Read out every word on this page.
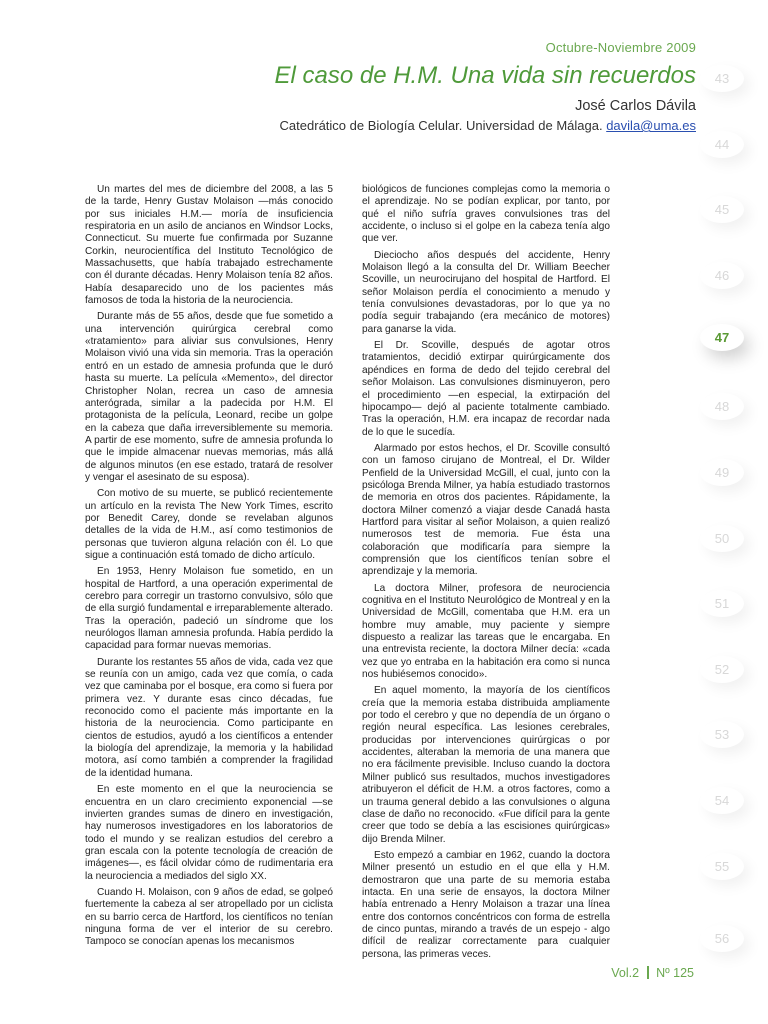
Octubre-Noviembre 2009
El caso de H.M. Una vida sin recuerdos
José Carlos Dávila
Catedrático de Biología Celular. Universidad de Málaga. davila@uma.es

Un martes del mes de diciembre del 2008, a las 5 de la tarde, Henry Gustav Molaison —más conocido por sus iniciales H.M.— moría de insuficiencia respiratoria en un asilo de ancianos en Windsor Locks, Connecticut. Su muerte fue confirmada por Suzanne Corkin, neurocientífica del Instituto Tecnológico de Massachusetts, que había trabajado estrechamente con él durante décadas. Henry Molaison tenía 82 años. Había desaparecido uno de los pacientes más famosos de toda la historia de la neurociencia.

Durante más de 55 años, desde que fue sometido a una intervención quirúrgica cerebral como «tratamiento» para aliviar sus convulsiones, Henry Molaison vivió una vida sin memoria. Tras la operación entró en un estado de amnesia profunda que le duró hasta su muerte. La película «Memento», del director Christopher Nolan, recrea un caso de amnesia anterógrada, similar a la padecida por H.M. El protagonista de la película, Leonard, recibe un golpe en la cabeza que daña irreversiblemente su memoria. A partir de ese momento, sufre de amnesia profunda lo que le impide almacenar nuevas memorias, más allá de algunos minutos (en ese estado, tratará de resolver y vengar el asesinato de su esposa).

Con motivo de su muerte, se publicó recientemente un artículo en la revista The New York Times, escrito por Benedit Carey, donde se revelaban algunos detalles de la vida de H.M., así como testimonios de personas que tuvieron alguna relación con él. Lo que sigue a continuación está tomado de dicho artículo.

En 1953, Henry Molaison fue sometido, en un hospital de Hartford, a una operación experimental de cerebro para corregir un trastorno convulsivo, sólo que de ella surgió fundamental e irreparablemente alterado. Tras la operación, padeció un síndrome que los neurólogos llaman amnesia profunda. Había perdido la capacidad para formar nuevas memorias.

Durante los restantes 55 años de vida, cada vez que se reunía con un amigo, cada vez que comía, o cada vez que caminaba por el bosque, era como si fuera por primera vez. Y durante esas cinco décadas, fue reconocido como el paciente más importante en la historia de la neurociencia. Como participante en cientos de estudios, ayudó a los científicos a entender la biología del aprendizaje, la memoria y la habilidad motora, así como también a comprender la fragilidad de la identidad humana.

En este momento en el que la neurociencia se encuentra en un claro crecimiento exponencial —se invierten grandes sumas de dinero en investigación, hay numerosos investigadores en los laboratorios de todo el mundo y se realizan estudios del cerebro a gran escala con la potente tecnología de creación de imágenes—, es fácil olvidar cómo de rudimentaria era la neurociencia a mediados del siglo XX.

Cuando H. Molaison, con 9 años de edad, se golpeó fuertemente la cabeza al ser atropellado por un ciclista en su barrio cerca de Hartford, los científicos no tenían ninguna forma de ver el interior de su cerebro. Tampoco se conocían apenas los mecanismos

biológicos de funciones complejas como la memoria o el aprendizaje. No se podían explicar, por tanto, por qué el niño sufría graves convulsiones tras del accidente, o incluso si el golpe en la cabeza tenía algo que ver.

Dieciocho años después del accidente, Henry Molaison llegó a la consulta del Dr. William Beecher Scoville, un neurocirujano del hospital de Hartford. El señor Molaison perdía el conocimiento a menudo y tenía convulsiones devastadoras, por lo que ya no podía seguir trabajando (era mecánico de motores) para ganarse la vida.

El Dr. Scoville, después de agotar otros tratamientos, decidió extirpar quirúrgicamente dos apéndices en forma de dedo del tejido cerebral del señor Molaison. Las convulsiones disminuyeron, pero el procedimiento —en especial, la extirpación del hipocampo— dejó al paciente totalmente cambiado. Tras la operación, H.M. era incapaz de recordar nada de lo que le sucedía.

Alarmado por estos hechos, el Dr. Scoville consultó con un famoso cirujano de Montreal, el Dr. Wilder Penfield de la Universidad McGill, el cual, junto con la psicóloga Brenda Milner, ya había estudiado trastornos de memoria en otros dos pacientes. Rápidamente, la doctora Milner comenzó a viajar desde Canadá hasta Hartford para visitar al señor Molaison, a quien realizó numerosos test de memoria. Fue ésta una colaboración que modificaría para siempre la comprensión que los científicos tenían sobre el aprendizaje y la memoria.

La doctora Milner, profesora de neurociencia cognitiva en el Instituto Neurológico de Montreal y en la Universidad de McGill, comentaba que H.M. era un hombre muy amable, muy paciente y siempre dispuesto a realizar las tareas que le encargaba. En una entrevista reciente, la doctora Milner decía: «cada vez que yo entraba en la habitación era como si nunca nos hubiésemos conocido».

En aquel momento, la mayoría de los científicos creía que la memoria estaba distribuida ampliamente por todo el cerebro y que no dependía de un órgano o región neural específica. Las lesiones cerebrales, producidas por intervenciones quirúrgicas o por accidentes, alteraban la memoria de una manera que no era fácilmente previsible. Incluso cuando la doctora Milner publicó sus resultados, muchos investigadores atribuyeron el déficit de H.M. a otros factores, como a un trauma general debido a las convulsiones o alguna clase de daño no reconocido. «Fue difícil para la gente creer que todo se debía a las escisiones quirúrgicas» dijo Brenda Milner.

Esto empezó a cambiar en 1962, cuando la doctora Milner presentó un estudio en el que ella y H.M. demostraron que una parte de su memoria estaba intacta. En una serie de ensayos, la doctora Milner había entrenado a Henry Molaison a trazar una línea entre dos contornos concéntricos con forma de estrella de cinco puntas, mirando a través de un espejo - algo difícil de realizar correctamente para cualquier persona, las primeras veces.

43
44
45
46
47
48
49
50
51
52
53
54
55
56
Vol.2 Nº 125
